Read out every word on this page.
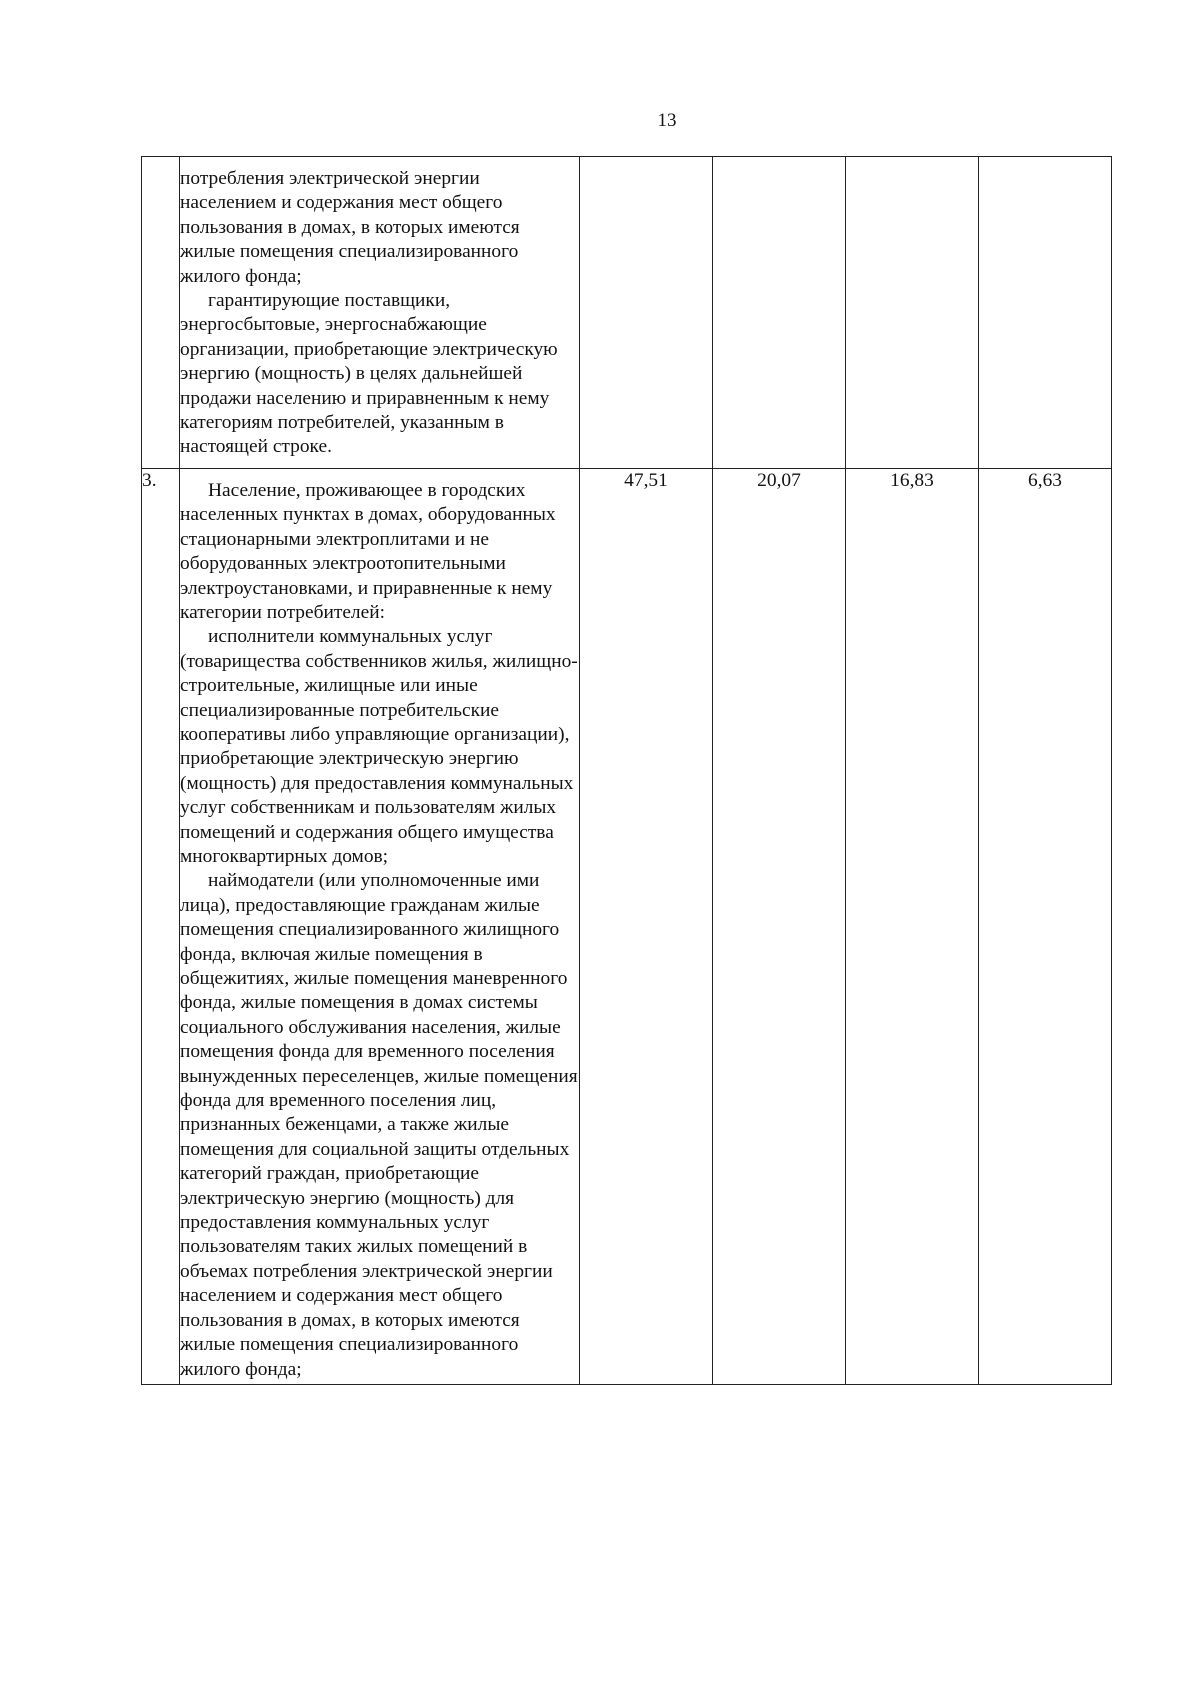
13

	потребления электрической энергии населением и содержания мест общего пользования в домах, в которых имеются жилые помещения специализированного жилого фонда;

гарантирующие поставщики, энергосбытовые, энергоснабжающие организации, приобретающие электрическую энергию (мощность) в целях дальнейшей продажи населению и приравненным к нему категориям потребителей, указанным в настоящей строке.				

3.	Население, проживающее в городских населенных пунктах в домах, оборудованных стационарными электроплитами и не оборудованных электроотопительными электроустановками, и приравненные к нему категории потребителей:

исполнители коммунальных услуг (товарищества собственников жилья, жилищно-строительные, жилищные или иные специализированные потребительские кооперативы либо управляющие организации), приобретающие электрическую энергию (мощность) для предоставления коммунальных услуг собственникам и пользователям жилых помещений и содержания общего имущества многоквартирных домов;

наймодатели (или уполномоченные ими лица), предоставляющие гражданам жилые помещения специализированного жилищного фонда, включая жилые помещения в общежитиях, жилые помещения маневренного фонда, жилые помещения в домах системы социального обслуживания населения, жилые помещения фонда для временного поселения вынужденных переселенцев, жилые помещения фонда для временного поселения лиц, признанных беженцами, а также жилые помещения для социальной защиты отдельных категорий граждан, приобретающие электрическую энергию (мощность) для предоставления коммунальных услуг пользователям таких жилых помещений в объемах потребления электрической энергии населением и содержания мест общего пользования в домах, в которых имеются жилые помещения специализированного жилого фонда;	47,51	20,07	16,83	6,63
